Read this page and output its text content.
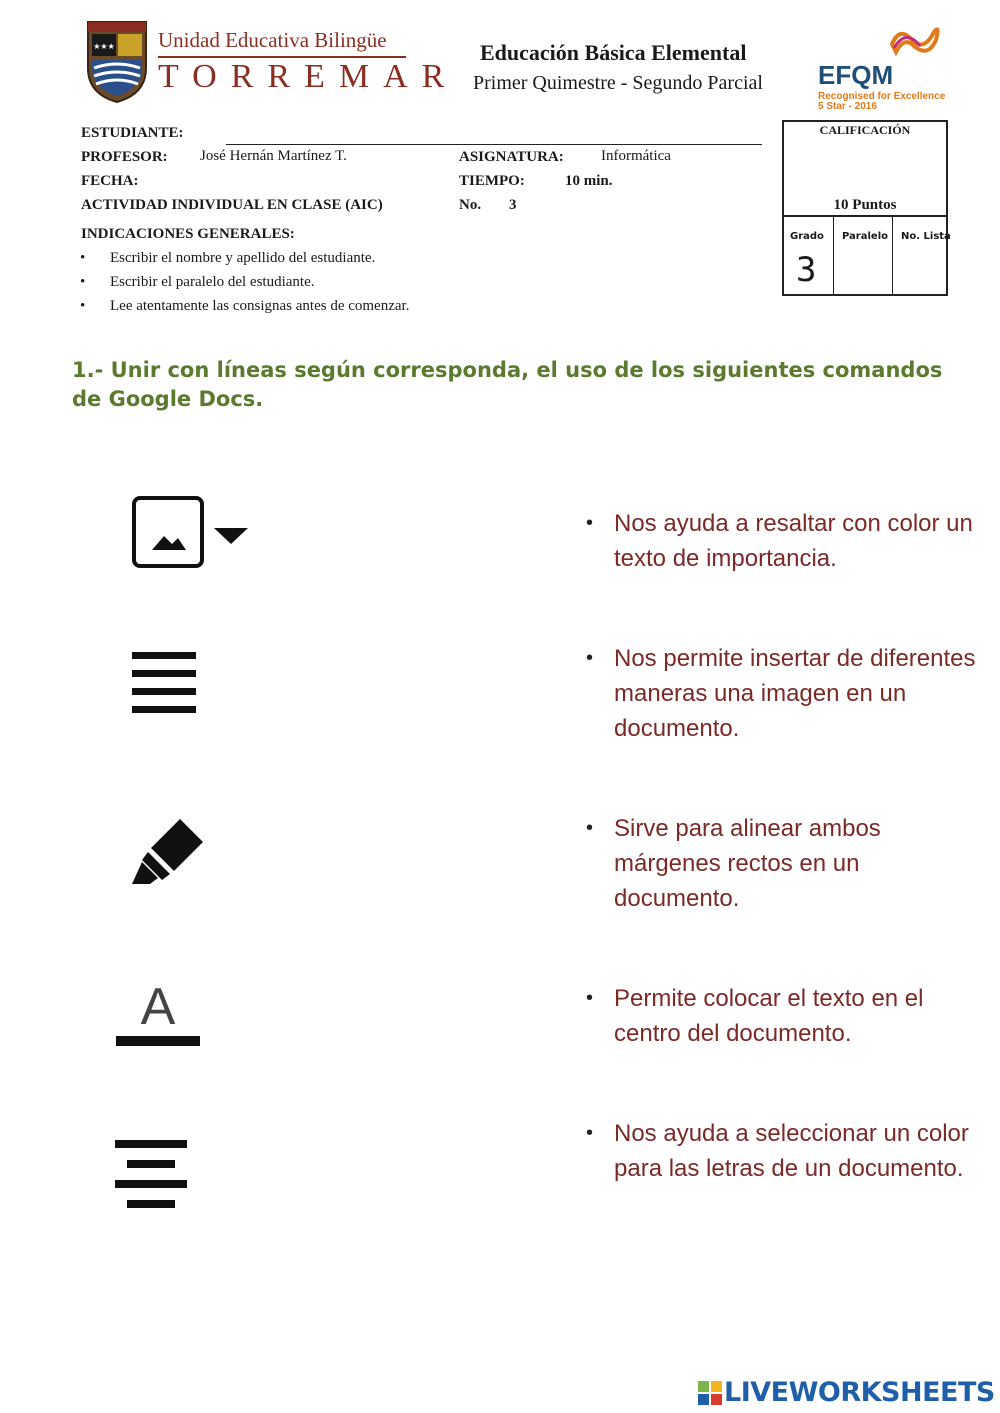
★★★ Unidad Educativa Bilingüe
TORREMAR
Educación Básica Elemental
Primer Quimestre - Segundo Parcial EFQM
Recognised for Excellence
5 Star - 2016
ESTUDIANTE:
PROFESOR: José Hernán Martínez T.	ASIGNATURA: Informática
FECHA:	TIEMPO:	10 min.
ACTIVIDAD INDIVIDUAL EN CLASE (AIC)	No. 3
CALIFICACIÓN
10 Puntos
Grado Paralelo No. Lista
3
INDICACIONES GENERALES:
• Escribir el nombre y apellido del estudiante.
• Escribir el paralelo del estudiante.
• Lee atentamente las consignas antes de comenzar.
1.- Unir con líneas según corresponda, el uso de los siguientes comandos de Google Docs.
A
• Nos ayuda a resaltar con color un texto de importancia.
• Nos permite insertar de diferentes maneras una imagen en un documento.
• Sirve para alinear ambos márgenes rectos en un documento.
• Permite colocar el texto en el centro del documento.
• Nos ayuda a seleccionar un color para las letras de un documento.
LIVEWORKSHEETS
